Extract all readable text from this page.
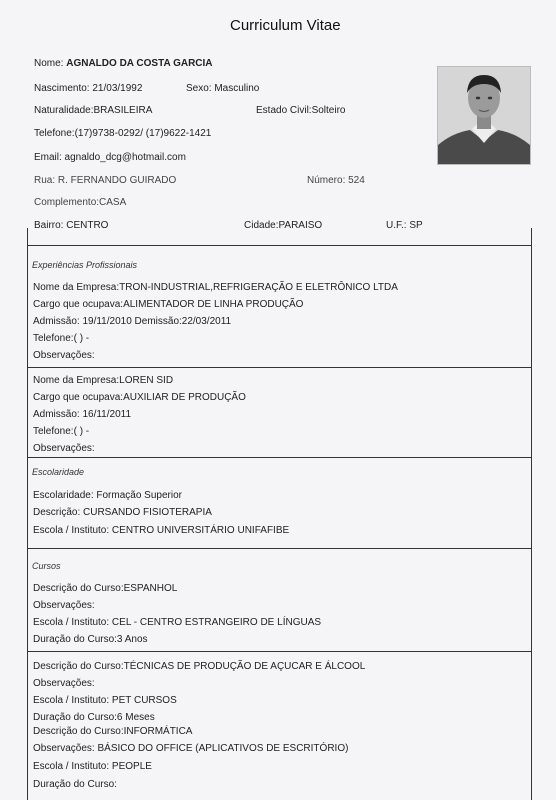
Curriculum Vitae
Nome: AGNALDO DA COSTA GARCIA
Nascimento: 21/03/1992	Sexo: Masculino
Naturalidade:BRASILEIRA	Estado Civil:Solteiro
Telefone:(17)9738-0292/ (17)9622-1421
Email: agnaldo_dcg@hotmail.com
Rua: R. FERNANDO GUIRADO	Número: 524
Complemento:CASA
Bairro: CENTRO	Cidade:PARAISO	U.F.: SP
Experiências Profissionais
Nome da Empresa:TRON-INDUSTRIAL,REFRIGERAÇÃO E ELETRÔNICO LTDA
Cargo que ocupava:ALIMENTADOR DE LINHA PRODUÇÃO
Admissão: 19/11/2010 Demissão:22/03/2011
Telefone:( ) -
Observações:
Nome da Empresa:LOREN SID
Cargo que ocupava:AUXILIAR DE PRODUÇÃO
Admissão: 16/11/2011
Telefone:( ) -
Observações:
Escolaridade
Escolaridade: Formação Superior
Descrição: CURSANDO FISIOTERAPIA
Escola / Instituto: CENTRO UNIVERSITÁRIO UNIFAFIBE
Cursos
Descrição do Curso:ESPANHOL
Observações:
Escola / Instituto: CEL - CENTRO ESTRANGEIRO DE LÍNGUAS
Duração do Curso:3 Anos
Descrição do Curso:TÉCNICAS DE PRODUÇÃO DE AÇUCAR E ÁLCOOL
Observações:
Escola / Instituto: PET CURSOS
Duração do Curso:6 Meses
Descrição do Curso:INFORMÁTICA
Observações: BÁSICO DO OFFICE (APLICATIVOS DE ESCRITÓRIO)
Escola / Instituto: PEOPLE
Duração do Curso:
